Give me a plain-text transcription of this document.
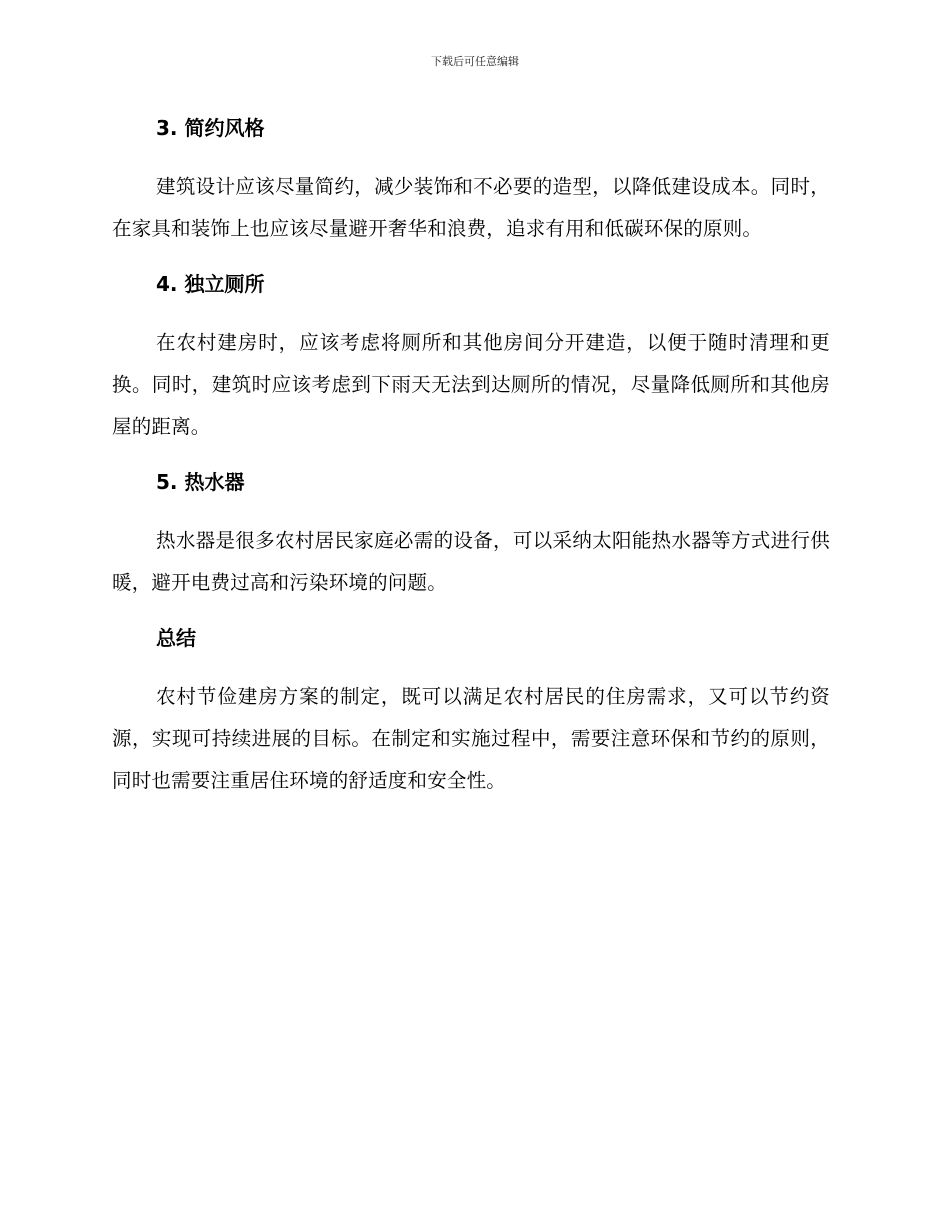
下载后可任意编辑
3. 简约风格

建筑设计应该尽量简约，减少装饰和不必要的造型，以降低建设成本。同时，在家具和装饰上也应该尽量避开奢华和浪费，追求有用和低碳环保的原则。

4. 独立厕所

在农村建房时，应该考虑将厕所和其他房间分开建造，以便于随时清理和更换。同时，建筑时应该考虑到下雨天无法到达厕所的情况，尽量降低厕所和其他房屋的距离。

5. 热水器

热水器是很多农村居民家庭必需的设备，可以采纳太阳能热水器等方式进行供暖，避开电费过高和污染环境的问题。

总结

农村节俭建房方案的制定，既可以满足农村居民的住房需求，又可以节约资源，实现可持续进展的目标。在制定和实施过程中，需要注意环保和节约的原则，同时也需要注重居住环境的舒适度和安全性。
